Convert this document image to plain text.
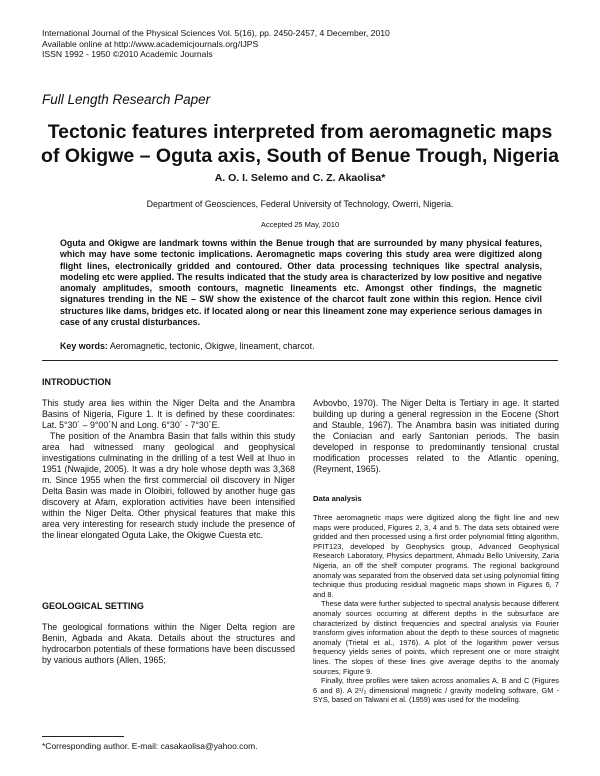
International Journal of the Physical Sciences Vol. 5(16), pp. 2450-2457, 4 December, 2010
Available online at http://www.academicjournals.org/IJPS
ISSN 1992 - 1950 ©2010 Academic Journals
Full Length Research Paper
Tectonic features interpreted from aeromagnetic maps
of Okigwe – Oguta axis, South of Benue Trough, Nigeria
A. O. I. Selemo and C. Z. Akaolisa*
Department of Geosciences, Federal University of Technology, Owerri, Nigeria.
Accepted 25 May, 2010
Oguta and Okigwe are landmark towns within the Benue trough that are surrounded by many physical features, which may have some tectonic implications. Aeromagnetic maps covering this study area were digitized along flight lines, electronically gridded and contoured. Other data processing techniques like spectral analysis, modeling etc were applied. The results indicated that the study area is characterized by low positive and negative anomaly amplitudes, smooth contours, magnetic lineaments etc. Amongst other findings, the magnetic signatures trending in the NE – SW show the existence of the charcot fault zone within this region. Hence civil structures like dams, bridges etc. if located along or near this lineament zone may experience serious damages in case of any crustal disturbances.
Key words: Aeromagnetic, tectonic, Okigwe, lineament, charcot.
INTRODUCTION
This study area lies within the Niger Delta and the Anambra Basins of Nigeria, Figure 1. It is defined by these coordinates: Lat. 5°30´ – 9°00´N and Long. 6°30´ - 7°30´E.
The position of the Anambra Basin that falls within this study area had witnessed many geological and geophysical investigations culminating in the drilling of a test Well at Ihuo in 1951 (Nwajide, 2005). It was a dry hole whose depth was 3,368 m. Since 1955 when the first commercial oil discovery in Niger Delta Basin was made in Oloibiri, followed by another huge gas discovery at Afam, exploration activities have been intensified within the Niger Delta. Other physical features that make this area very interesting for research study include the presence of the linear elongated Oguta Lake, the Okigwe Cuesta etc.
GEOLOGICAL SETTING
The geological formations within the Niger Delta region are Benin, Agbada and Akata. Details about the structures and hydrocarbon potentials of these formations have been discussed by various authors (Allen, 1965;
Avbovbo, 1970). The Niger Delta is Tertiary in age. It started building up during a general regression in the Eocene (Short and Stauble, 1967). The Anambra basin was initiated during the Coniacian and early Santonian periods. The basin developed in response to predominantly tensional crustal modification processes related to the Atlantic opening, (Reyment, 1965).
Data analysis
Three aeromagnetic maps were digitized along the flight line and new maps were produced, Figures 2, 3, 4 and 5. The data sets obtained were gridded and then processed using a first order polynomial fitting algorithm, PFIT123, developed by Geophysics group, Advanced Geophysical Research Laboratory, Physics department, Ahmadu Bello University, Zaria Nigeria, an off the shelf computer programs. The regional background anomaly was separated from the observed data set using polynomial fitting technique thus producing residual magnetic maps shown in Figures 6, 7 and 8.
These data were further subjected to spectral analysis because different anomaly sources occurring at different depths in the subsurface are characterized by distinct frequencies and spectral analysis via Fourier transform gives information about the depth to these sources of magnetic anomaly (Trietal et al., 1976). A plot of the logarithm power versus frequency yields series of points, which represent one or more straight lines. The slopes of these lines give average depths to the anomaly sources, Figure 9.
Finally, three profiles were taken across anomalies A, B and C (Figures 6 and 8). A 2¹/₂ dimensional magnetic / gravity modeling software, GM - SYS, based on Talwani et al. (1959) was used for the modeling.
*Corresponding author. E-mail: casakaolisa@yahoo.com.
